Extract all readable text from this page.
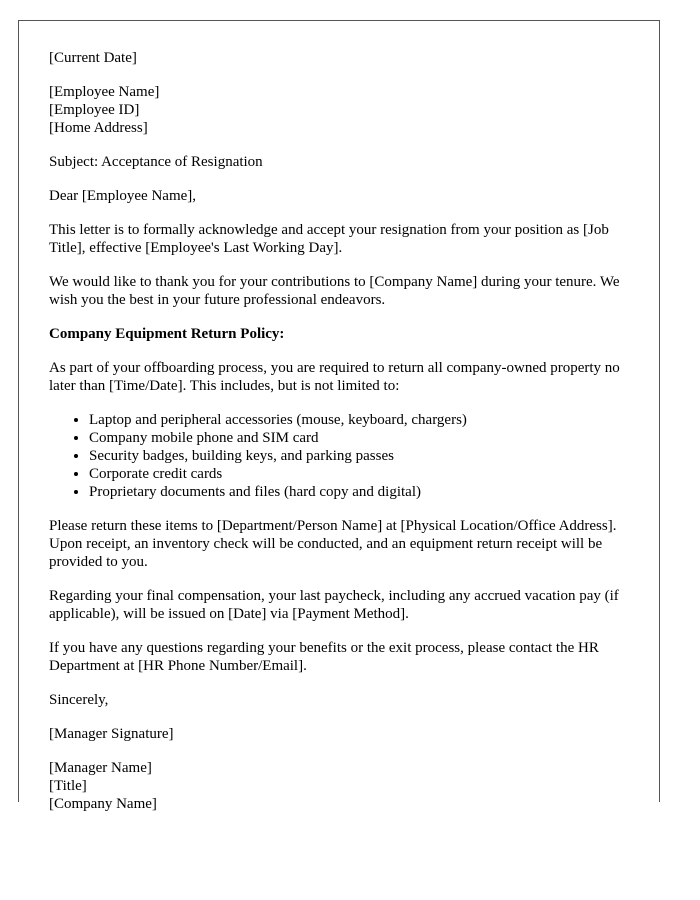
[Current Date]

[Employee Name]
[Employee ID]
[Home Address]

Subject: Acceptance of Resignation

Dear [Employee Name],

This letter is to formally acknowledge and accept your resignation from your position as [Job Title], effective [Employee's Last Working Day].

We would like to thank you for your contributions to [Company Name] during your tenure. We wish you the best in your future professional endeavors.

Company Equipment Return Policy:

As part of your offboarding process, you are required to return all company-owned property no later than [Time/Date]. This includes, but is not limited to:

• Laptop and peripheral accessories (mouse, keyboard, chargers)
• Company mobile phone and SIM card
• Security badges, building keys, and parking passes
• Corporate credit cards
• Proprietary documents and files (hard copy and digital)

Please return these items to [Department/Person Name] at [Physical Location/Office Address]. Upon receipt, an inventory check will be conducted, and an equipment return receipt will be provided to you.

Regarding your final compensation, your last paycheck, including any accrued vacation pay (if applicable), will be issued on [Date] via [Payment Method].

If you have any questions regarding your benefits or the exit process, please contact the HR Department at [HR Phone Number/Email].

Sincerely,

[Manager Signature]

[Manager Name]
[Title]
[Company Name]
